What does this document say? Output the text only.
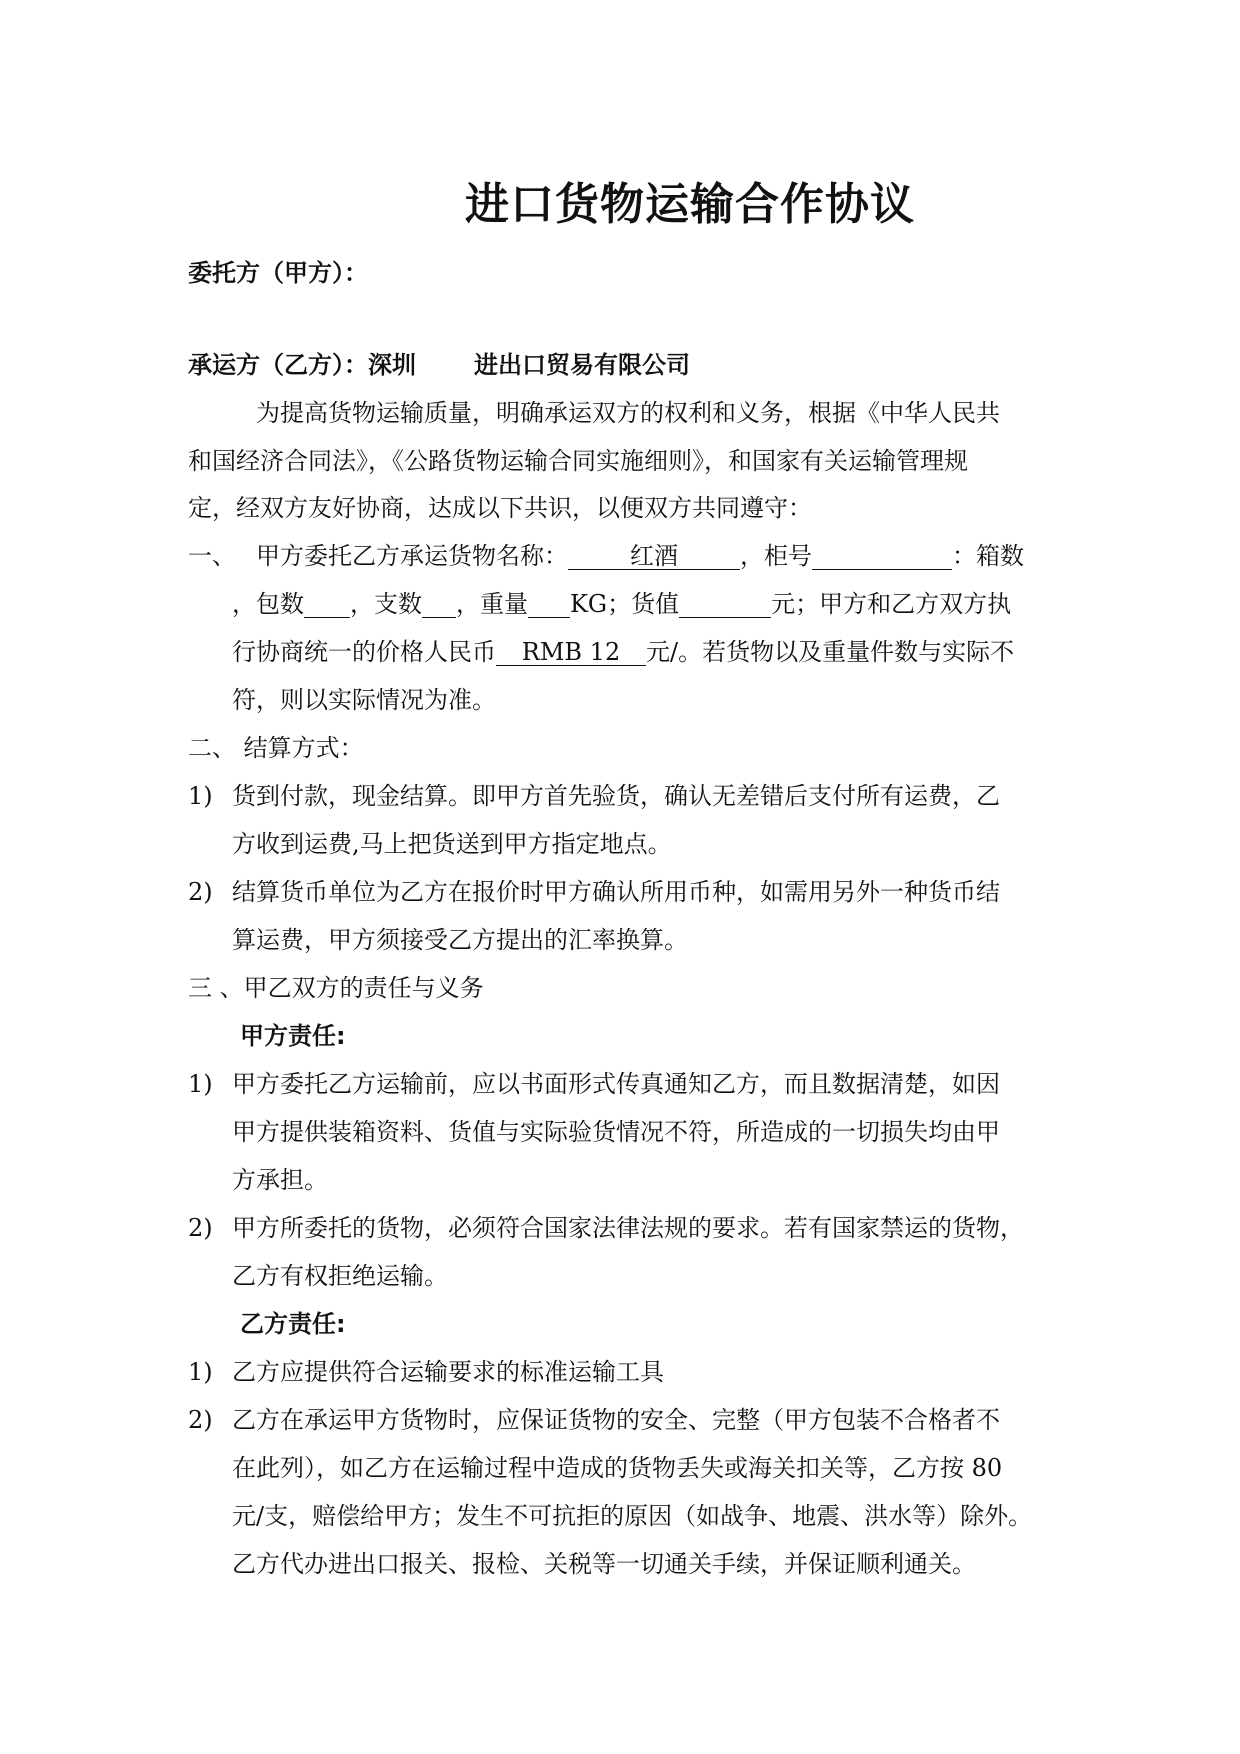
进口货物运输合作协议
委托方（甲方）：
承运方（乙方）：深圳 进出口贸易有限公司
为提高货物运输质量，明确承运双方的权利和义务，根据《中华人民共
和国经济合同法》，《公路货物运输合同实施细则》，和国家有关运输管理规
定，经双方友好协商，达成以下共识，以便双方共同遵守：
一、 甲方委托乙方承运货物名称：	红酒	，柜号	：箱数
，包数 ，支数 ，重量 KG；货值	元；甲方和乙方双方执
行协商统一的价格人民币 RMB 12 元/。若货物以及重量件数与实际不
符，则以实际情况为准。
二、 结算方式：
1) 货到付款，现金结算。即甲方首先验货，确认无差错后支付所有运费，乙
方收到运费,马上把货送到甲方指定地点。
2) 结算货币单位为乙方在报价时甲方确认所用币种，如需用另外一种货币结
算运费，甲方须接受乙方提出的汇率换算。
三 、甲乙双方的责任与义务
甲方责任:
1) 甲方委托乙方运输前，应以书面形式传真通知乙方，而且数据清楚，如因
甲方提供装箱资料、货值与实际验货情况不符，所造成的一切损失均由甲
方承担。
2) 甲方所委托的货物，必须符合国家法律法规的要求。若有国家禁运的货物，
乙方有权拒绝运输。
乙方责任:
1) 乙方应提供符合运输要求的标准运输工具
2) 乙方在承运甲方货物时，应保证货物的安全、完整（甲方包装不合格者不
在此列），如乙方在运输过程中造成的货物丢失或海关扣关等，乙方按 80
元/支，赔偿给甲方；发生不可抗拒的原因（如战争、地震、洪水等）除外。
乙方代办进出口报关、报检、关税等一切通关手续，并保证顺利通关。
